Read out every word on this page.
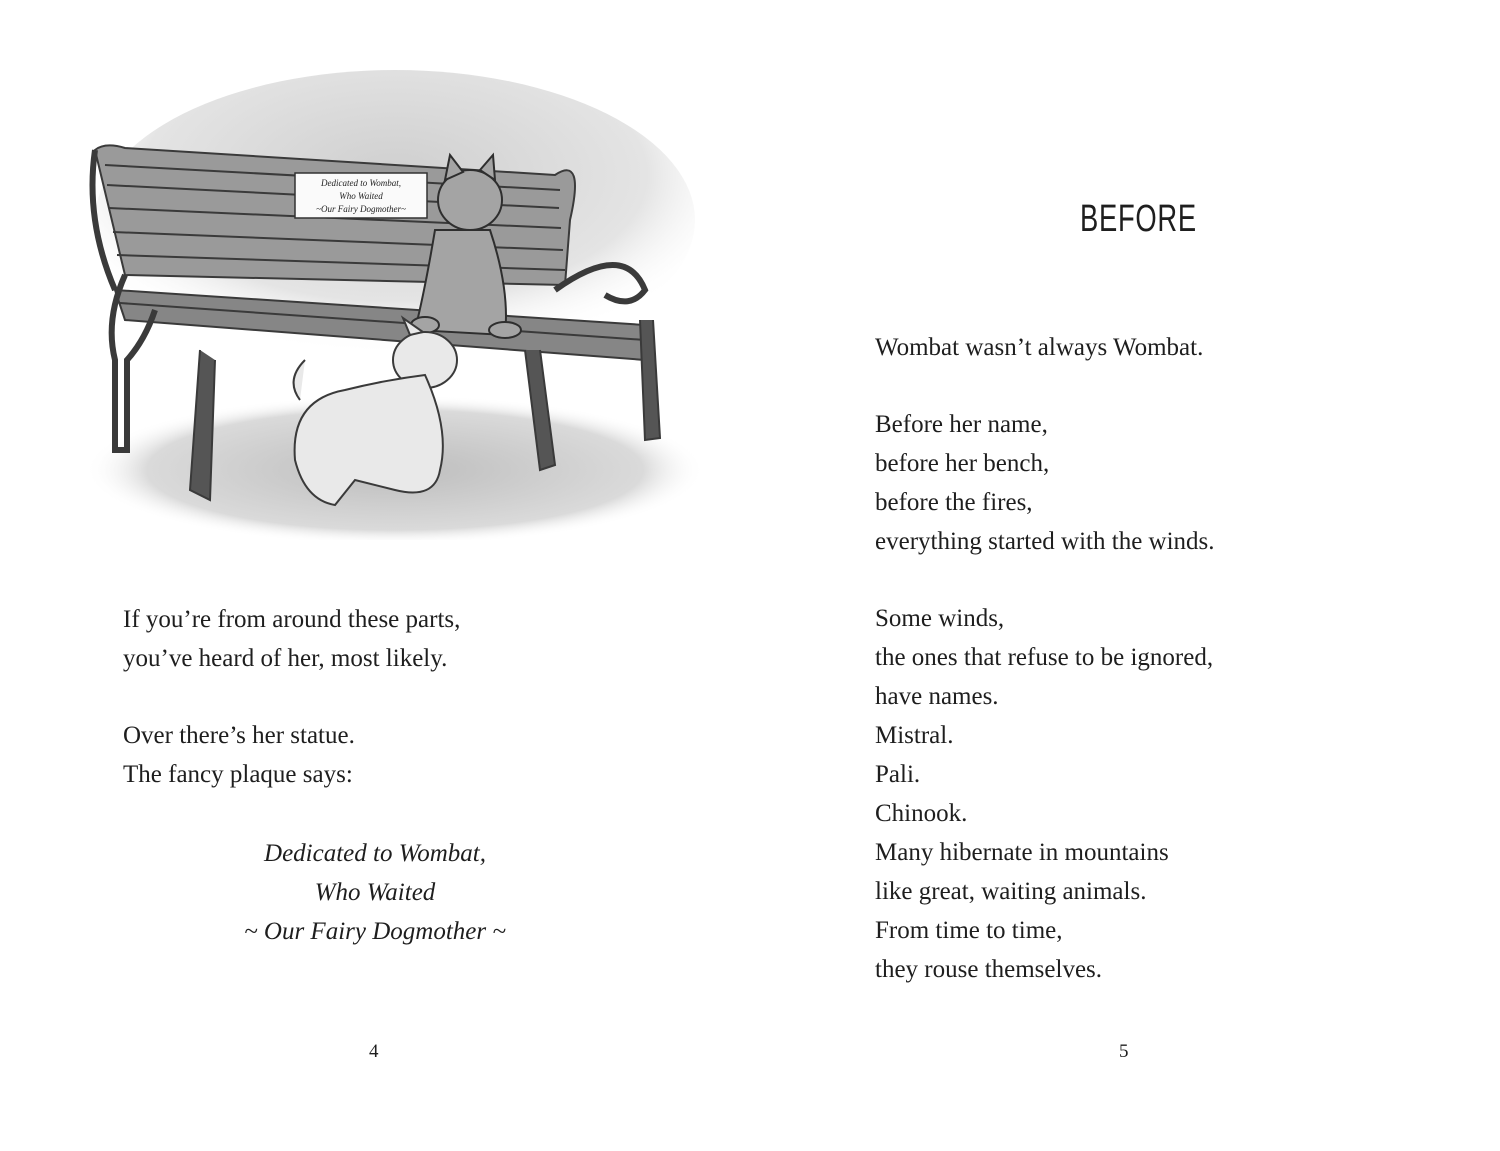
Dedicated to Wombat,
Who Waited
~Our Fairy Dogmother~

If you’re from around these parts,
you’ve heard of her, most likely.

Over there’s her statue.
The fancy plaque says:

Dedicated to Wombat,
Who Waited
~ Our Fairy Dogmother ~
4
BEFORE

Wombat wasn’t always Wombat.

Before her name,
before her bench,
before the fires,
everything started with the winds.

Some winds,
the ones that refuse to be ignored,
have names.
Mistral.
Pali.
Chinook.
Many hibernate in mountains
like great, waiting animals.
From time to time,
they rouse themselves.

5
